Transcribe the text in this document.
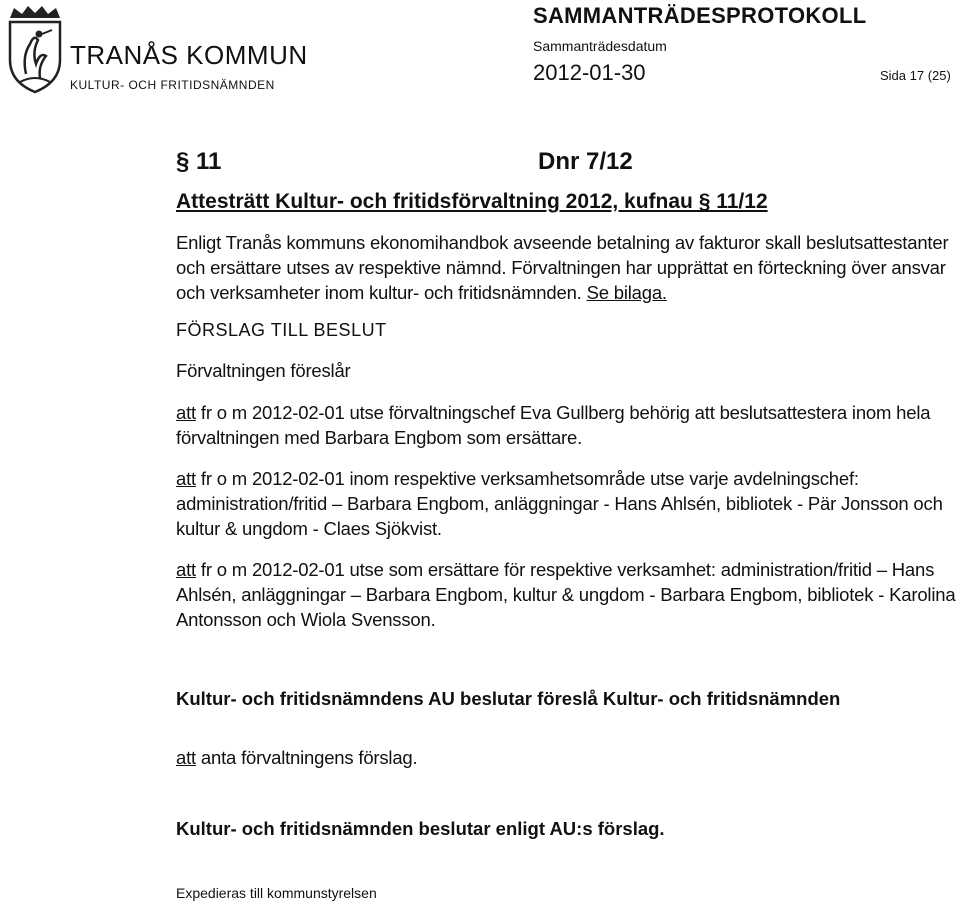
TRANÅS KOMMUN
KULTUR- OCH FRITIDSNÄMNDEN
SAMMANTRÄDESPROTOKOLL
Sammanträdesdatum
2012-01-30	Sida 17 (25)
§ 11	Dnr 7/12
Attesträtt Kultur- och fritidsförvaltning 2012, kufnau § 11/12
Enligt Tranås kommuns ekonomihandbok avseende betalning av fakturor skall beslutsattestanter och ersättare utses av respektive nämnd. Förvaltningen har upprättat en förteckning över ansvar och verksamheter inom kultur- och fritidsnämnden. Se bilaga.
FÖRSLAG TILL BESLUT
Förvaltningen föreslår
att fr o m 2012-02-01 utse förvaltningschef Eva Gullberg behörig att beslutsattestera inom hela förvaltningen med Barbara Engbom som ersättare.
att fr o m 2012-02-01 inom respektive verksamhetsområde utse varje avdelningschef: administration/fritid – Barbara Engbom, anläggningar - Hans Ahlsén, bibliotek - Pär Jonsson och kultur & ungdom - Claes Sjökvist.
att fr o m 2012-02-01 utse som ersättare för respektive verksamhet: administration/fritid – Hans Ahlsén, anläggningar – Barbara Engbom, kultur & ungdom - Barbara Engbom, bibliotek - Karolina Antonsson och Wiola Svensson.
Kultur- och fritidsnämndens AU beslutar föreslå Kultur- och fritidsnämnden
att anta förvaltningens förslag.
Kultur- och fritidsnämnden beslutar enligt AU:s förslag.
Expedieras till kommunstyrelsen
